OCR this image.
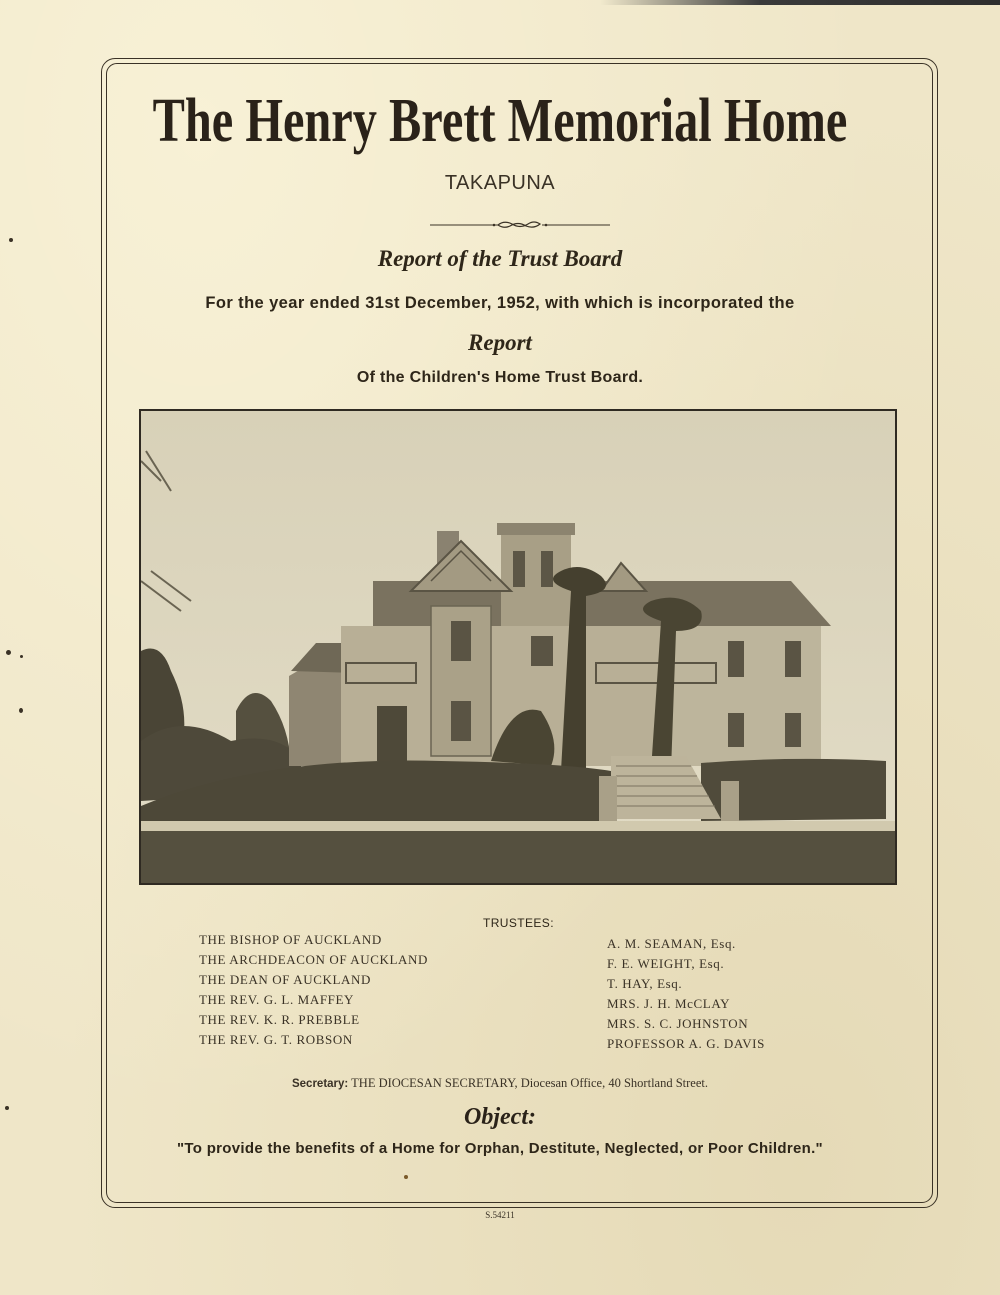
The Henry Brett Memorial Home
TAKAPUNA
Report of the Trust Board
For the year ended 31st December, 1952, with which is incorporated the
Report
Of the Children's Home Trust Board.
TRUSTEES:
THE BISHOP OF AUCKLAND
THE ARCHDEACON OF AUCKLAND
THE DEAN OF AUCKLAND
THE REV. G. L. MAFFEY
THE REV. K. R. PREBBLE
THE REV. G. T. ROBSON
A. M. SEAMAN, Esq.
F. E. WEIGHT, Esq.
T. HAY, Esq.
MRS. J. H. McCLAY
MRS. S. C. JOHNSTON
PROFESSOR A. G. DAVIS
Secretary: THE DIOCESAN SECRETARY, Diocesan Office, 40 Shortland Street.
Object:
"To provide the benefits of a Home for Orphan, Destitute, Neglected, or Poor Children."
S.54211
